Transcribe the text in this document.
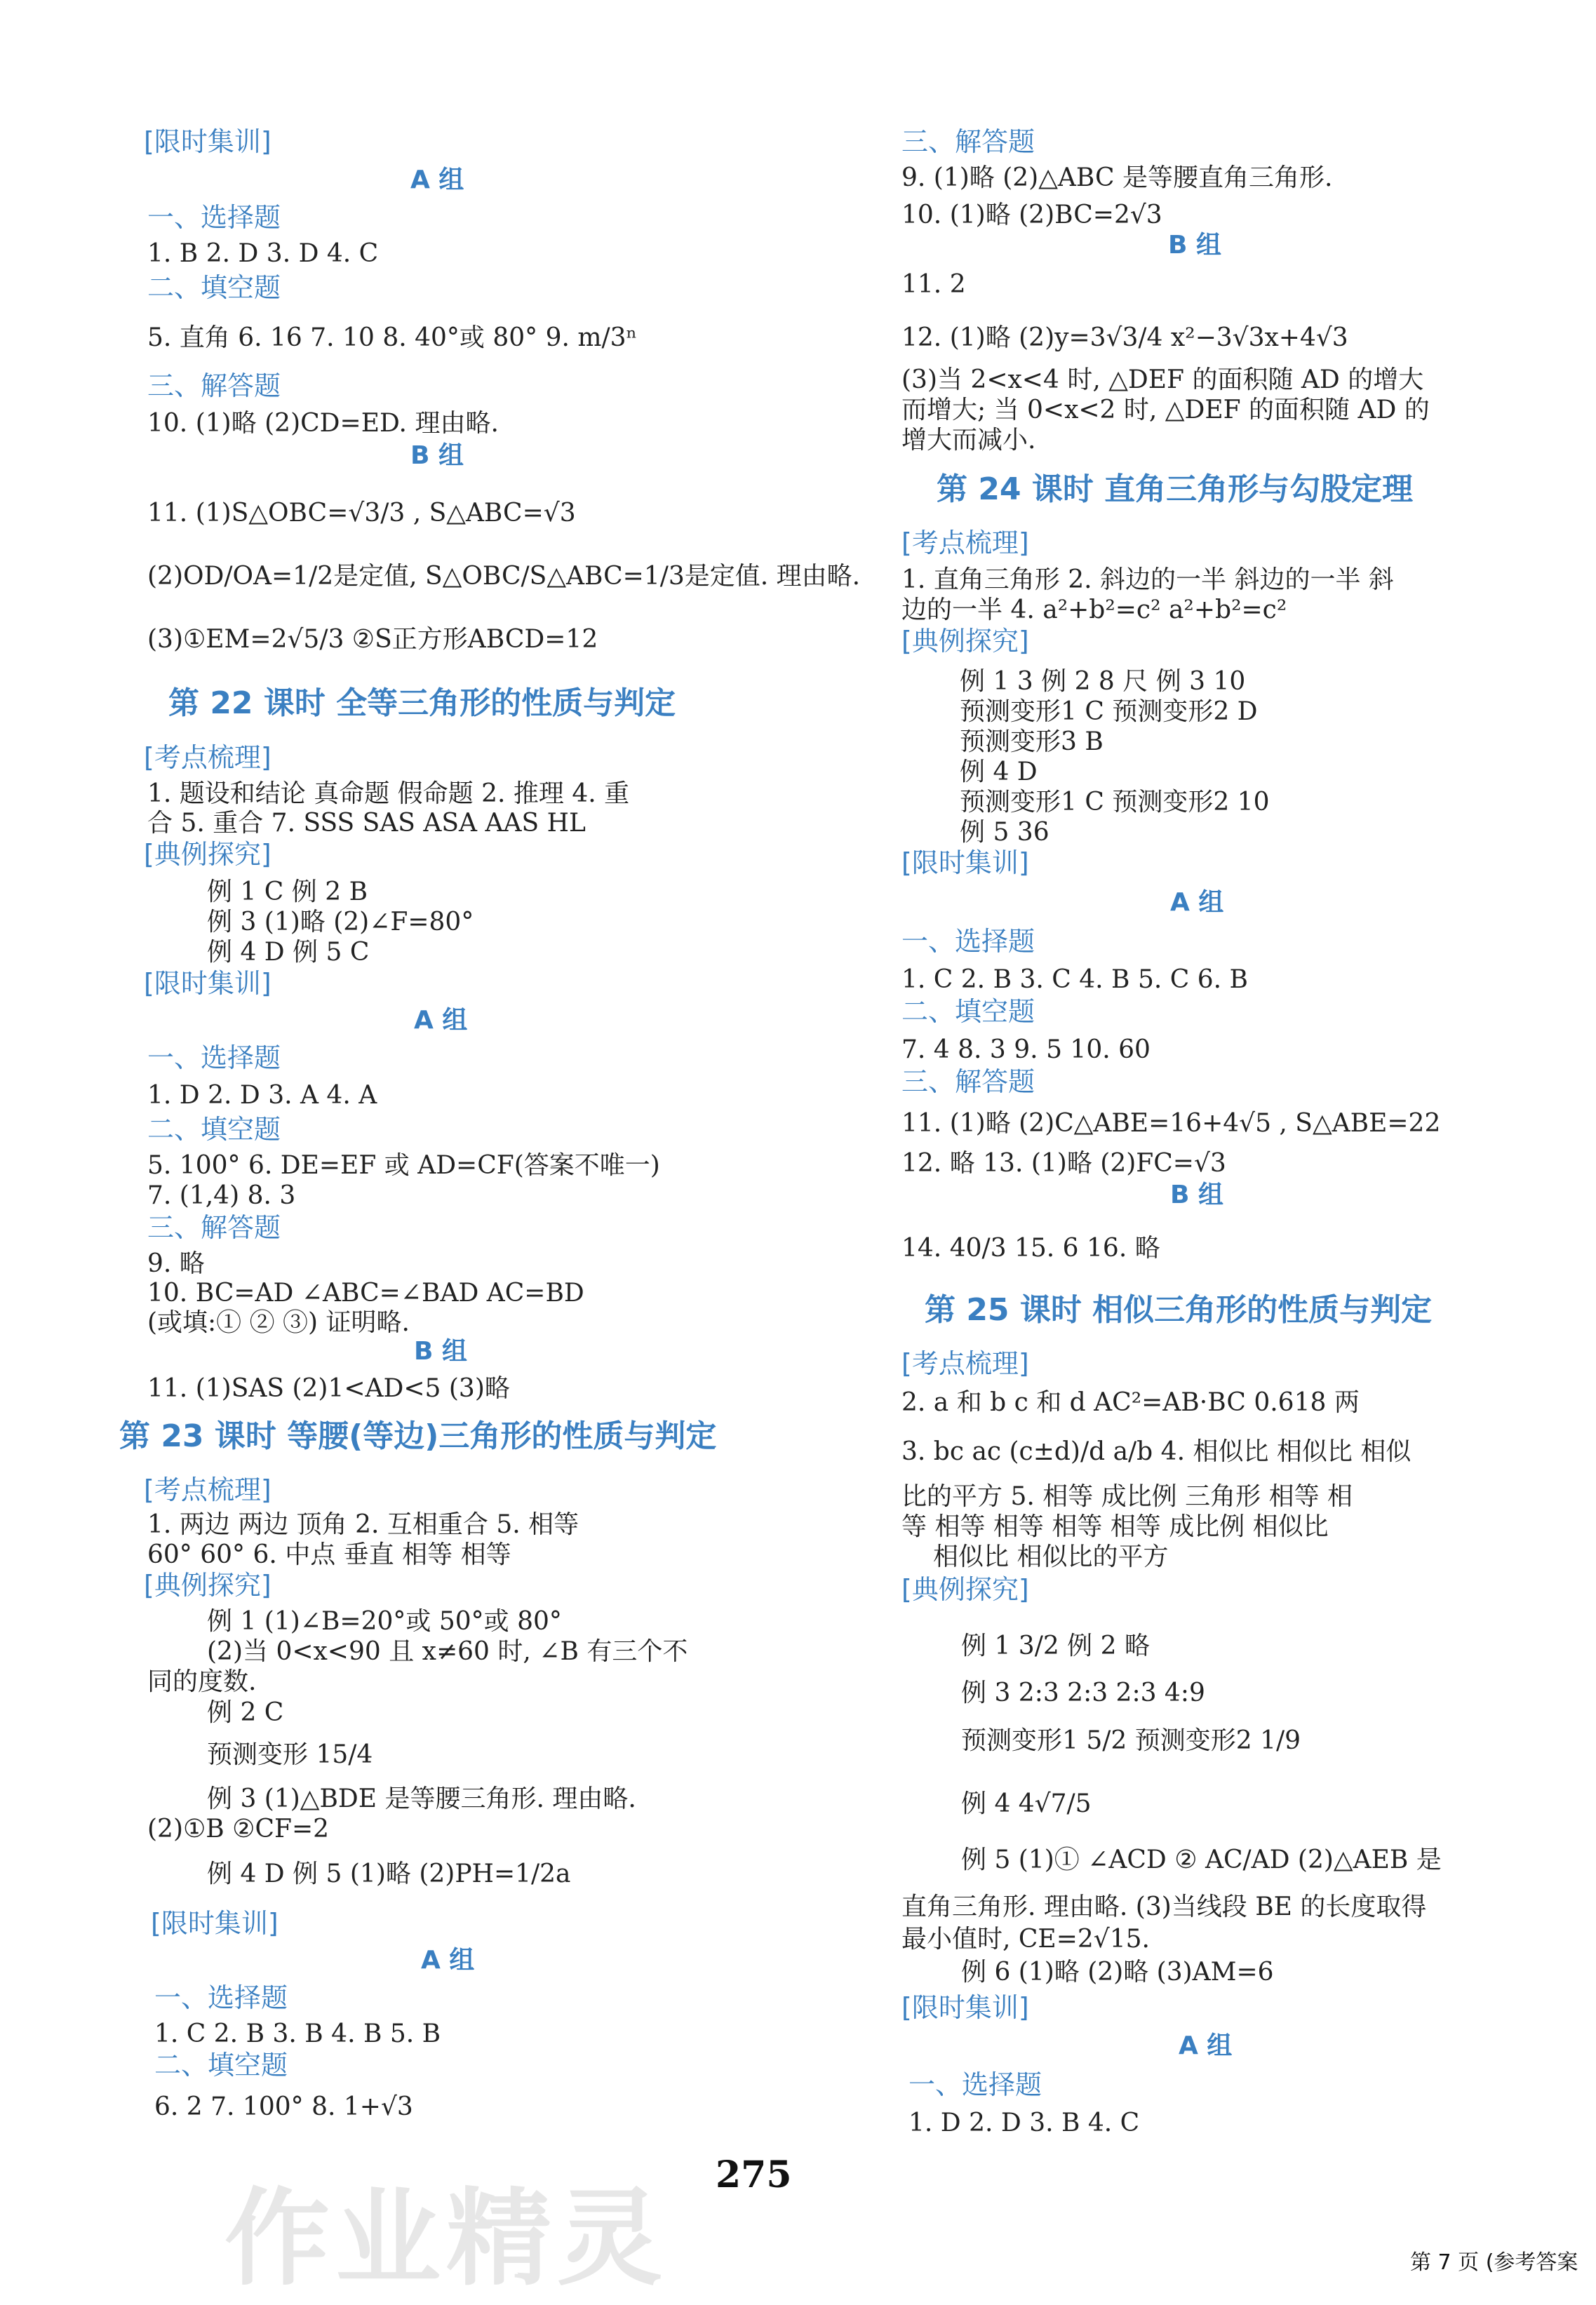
[限时集训]
A 组
一、选择题
1. B 2. D 3. D 4. C
二、填空题
5. 直角 6. 16 7. 10 8. 40°或 80° 9. m/3ⁿ
三、解答题
10. (1)略 (2)CD=ED. 理由略.
B 组
11. (1)S△OBC=√3/3 , S△ABC=√3
(2)OD/OA=1/2是定值, S△OBC/S△ABC=1/3是定值. 理由略.
(3)①EM=2√5/3 ②S正方形ABCD=12
第 22 课时 全等三角形的性质与判定
[考点梳理]
1. 题设和结论 真命题 假命题 2. 推理 4. 重
合 5. 重合 7. SSS SAS ASA AAS HL
[典例探究]
例 1 C 例 2 B
例 3 (1)略 (2)∠F=80°
例 4 D 例 5 C
[限时集训]
A 组
一、选择题
1. D 2. D 3. A 4. A
二、填空题
5. 100° 6. DE=EF 或 AD=CF(答案不唯一)
7. (1,4) 8. 3
三、解答题
9. 略
10. BC=AD ∠ABC=∠BAD AC=BD
(或填:① ② ③) 证明略.
B 组
11. (1)SAS (2)1<AD<5 (3)略
第 23 课时 等腰(等边)三角形的性质与判定
[考点梳理]
1. 两边 两边 顶角 2. 互相重合 5. 相等
60° 60° 6. 中点 垂直 相等 相等
[典例探究]
例 1 (1)∠B=20°或 50°或 80°
(2)当 0<x<90 且 x≠60 时, ∠B 有三个不
同的度数.
例 2 C
预测变形 15/4
例 3 (1)△BDE 是等腰三角形. 理由略.
(2)①B ②CF=2
例 4 D 例 5 (1)略 (2)PH=1/2a
[限时集训]
A 组
一、选择题
1. C 2. B 3. B 4. B 5. B
二、填空题
6. 2 7. 100° 8. 1+√3
三、解答题
9. (1)略 (2)△ABC 是等腰直角三角形.
10. (1)略 (2)BC=2√3
B 组
11. 2
12. (1)略 (2)y=3√3/4 x²−3√3x+4√3
(3)当 2<x<4 时, △DEF 的面积随 AD 的增大
而增大; 当 0<x<2 时, △DEF 的面积随 AD 的
增大而减小.
第 24 课时 直角三角形与勾股定理
[考点梳理]
1. 直角三角形 2. 斜边的一半 斜边的一半 斜
边的一半 4. a²+b²=c² a²+b²=c²
[典例探究]
例 1 3 例 2 8 尺 例 3 10
预测变形1 C 预测变形2 D
预测变形3 B
例 4 D
预测变形1 C 预测变形2 10
例 5 36
[限时集训]
A 组
一、选择题
1. C 2. B 3. C 4. B 5. C 6. B
二、填空题
7. 4 8. 3 9. 5 10. 60
三、解答题
11. (1)略 (2)C△ABE=16+4√5 , S△ABE=22
12. 略 13. (1)略 (2)FC=√3
B 组
14. 40/3 15. 6 16. 略
第 25 课时 相似三角形的性质与判定
[考点梳理]
2. a 和 b c 和 d AC²=AB·BC 0.618 两
3. bc ac (c±d)/d a/b 4. 相似比 相似比 相似
比的平方 5. 相等 成比例 三角形 相等 相
等 相等 相等 相等 相等 成比例 相似比
相似比 相似比的平方
[典例探究]
例 1 3/2 例 2 略
例 3 2:3 2:3 2:3 4:9
预测变形1 5/2 预测变形2 1/9
例 4 4√7/5
例 5 (1)① ∠ACD ② AC/AD (2)△AEB 是
直角三角形. 理由略. (3)当线段 BE 的长度取得
最小值时, CE=2√15.
例 6 (1)略 (2)略 (3)AM=6
[限时集训]
A 组
一、选择题
1. D 2. D 3. B 4. C
275
第 7 页 (参考答案
作业精灵
